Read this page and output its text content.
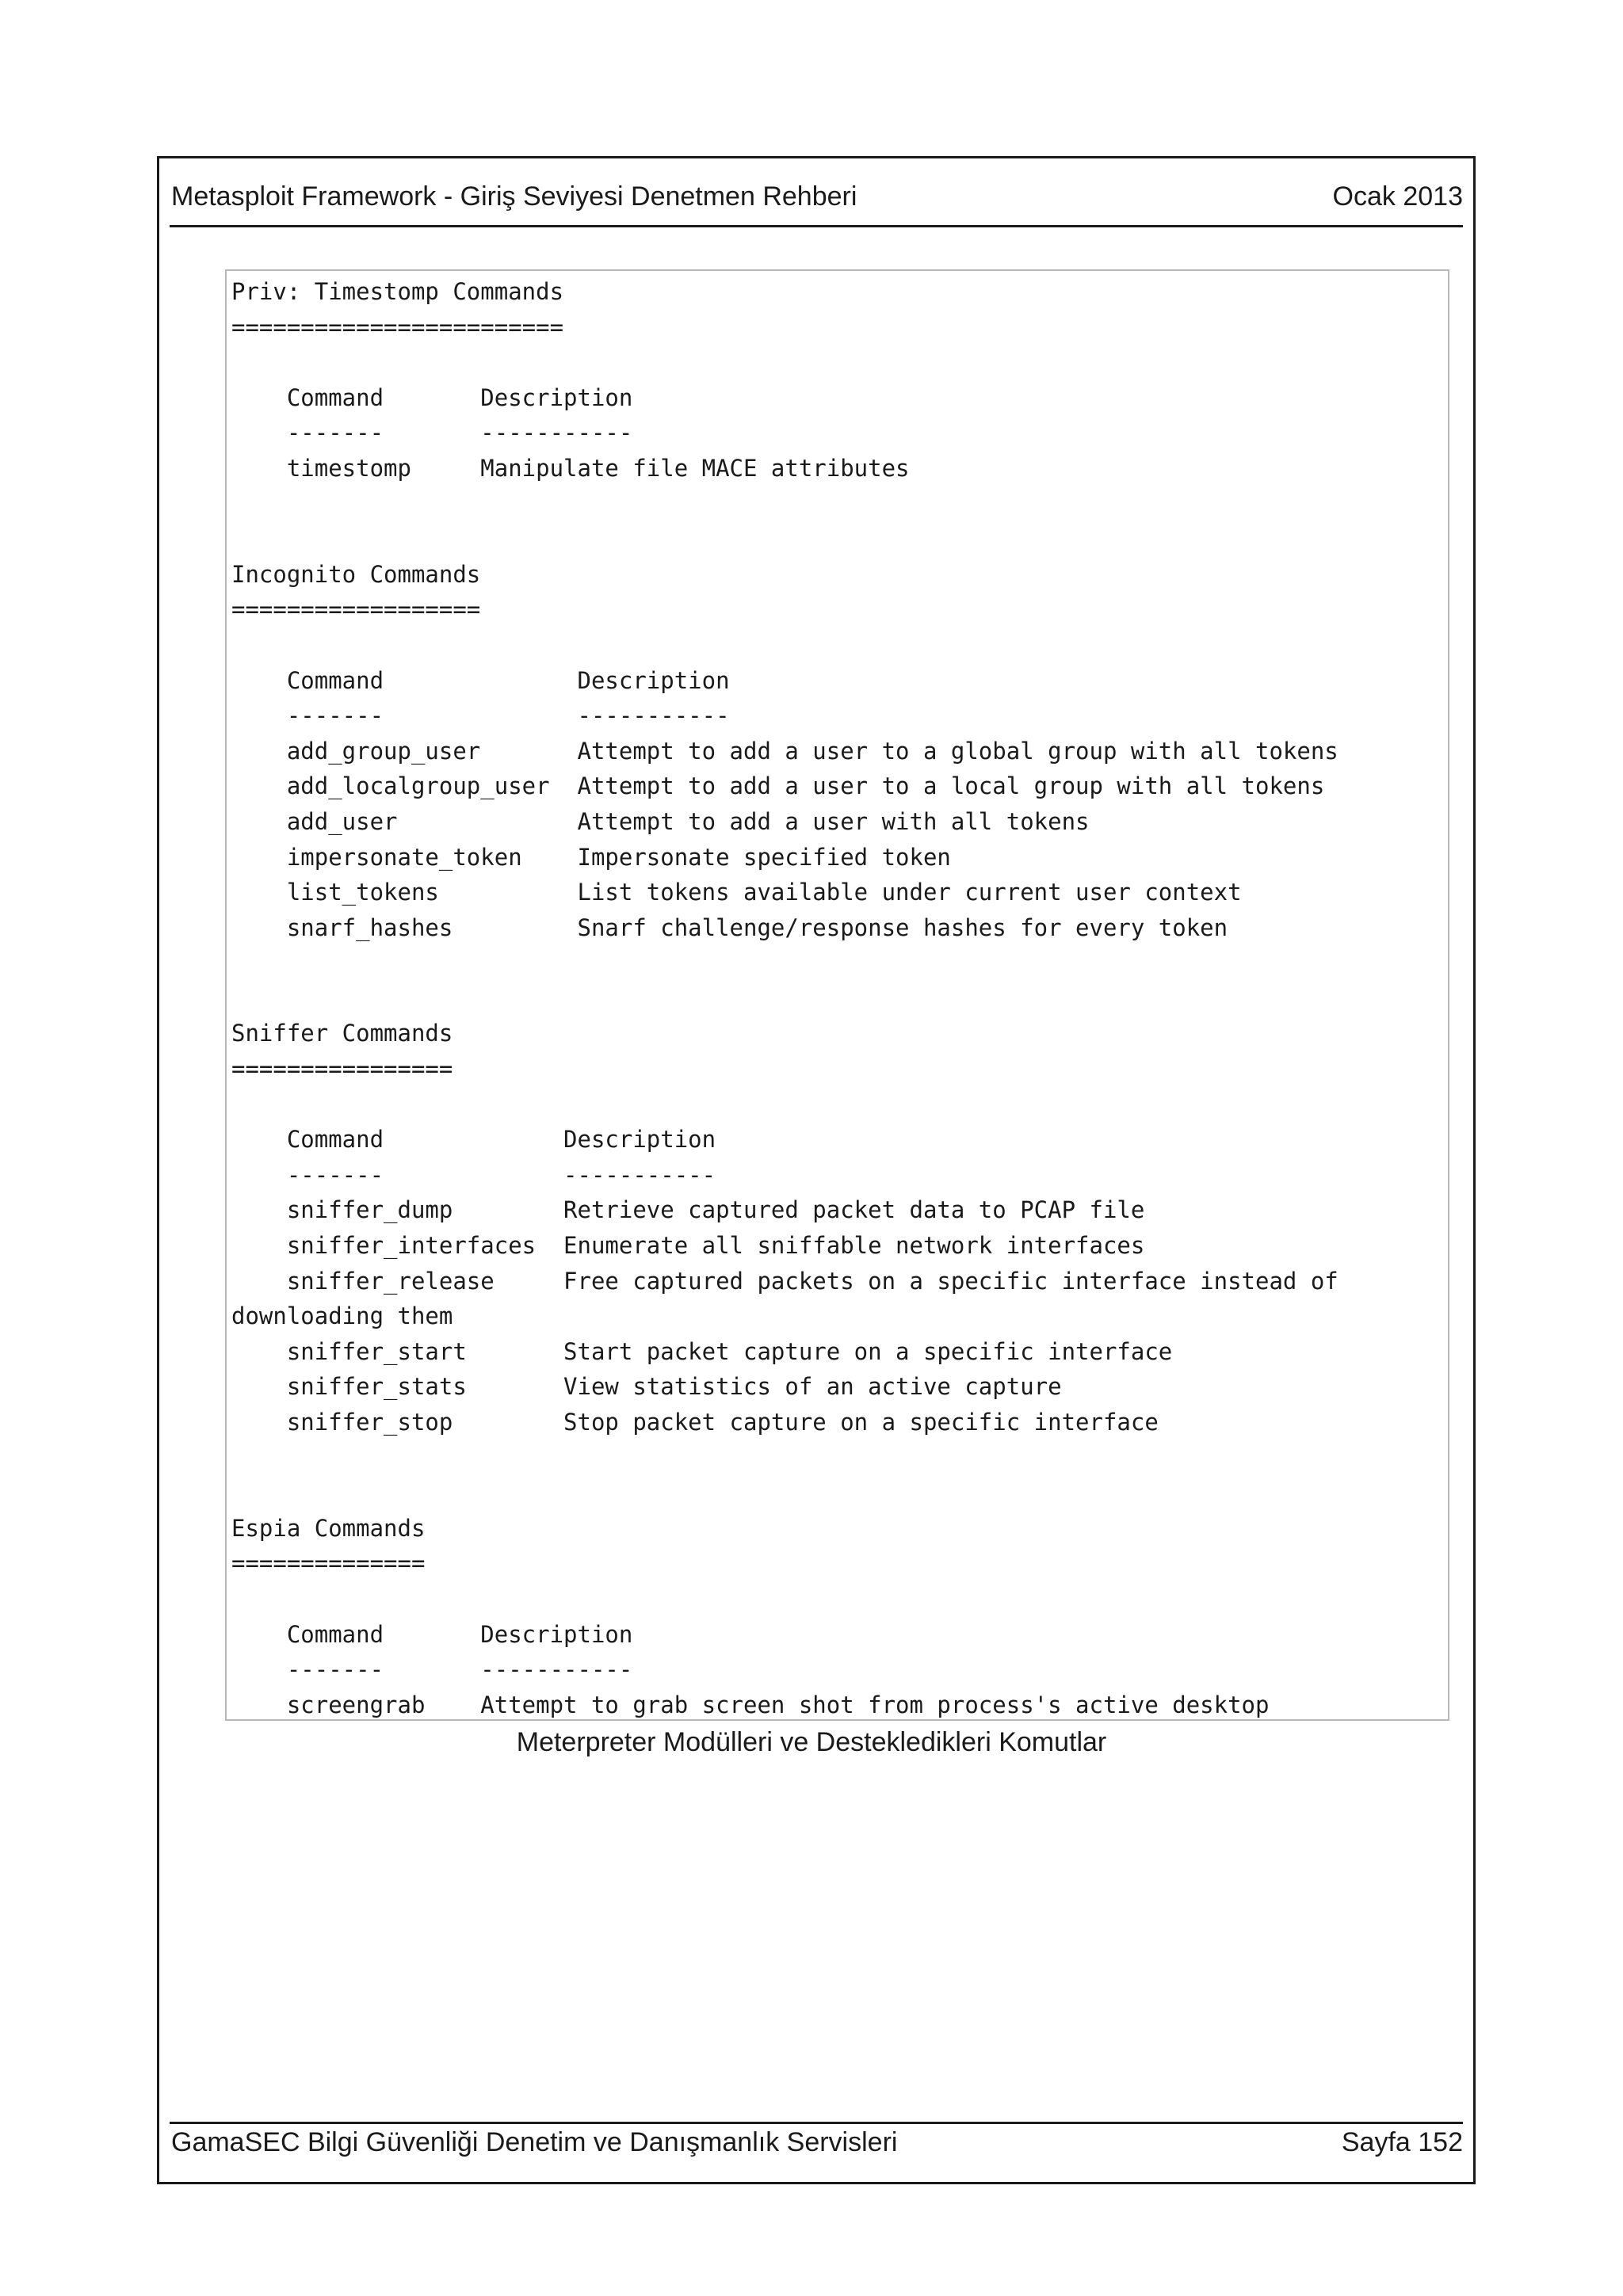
Metasploit Framework - Giriş Seviyesi Denetmen Rehberi	Ocak 2013
Priv: Timestomp Commands
========================

Command       Description
-------       -----------
timestomp     Manipulate file MACE attributes

Incognito Commands
==================

Command              Description
-------              -----------
add_group_user       Attempt to add a user to a global group with all tokens
add_localgroup_user  Attempt to add a user to a local group with all tokens
add_user             Attempt to add a user with all tokens
impersonate_token    Impersonate specified token
list_tokens          List tokens available under current user context
snarf_hashes         Snarf challenge/response hashes for every token

Sniffer Commands
================

Command             Description
-------             -----------
sniffer_dump        Retrieve captured packet data to PCAP file
sniffer_interfaces  Enumerate all sniffable network interfaces
sniffer_release     Free captured packets on a specific interface instead of
downloading them
sniffer_start       Start packet capture on a specific interface
sniffer_stats       View statistics of an active capture
sniffer_stop        Stop packet capture on a specific interface

Espia Commands
==============

Command       Description
-------       -----------
screengrab    Attempt to grab screen shot from process's active desktop
Meterpreter Modülleri ve Destekledikleri Komutlar
GamaSEC Bilgi Güvenliği Denetim ve Danışmanlık Servisleri	Sayfa 152
